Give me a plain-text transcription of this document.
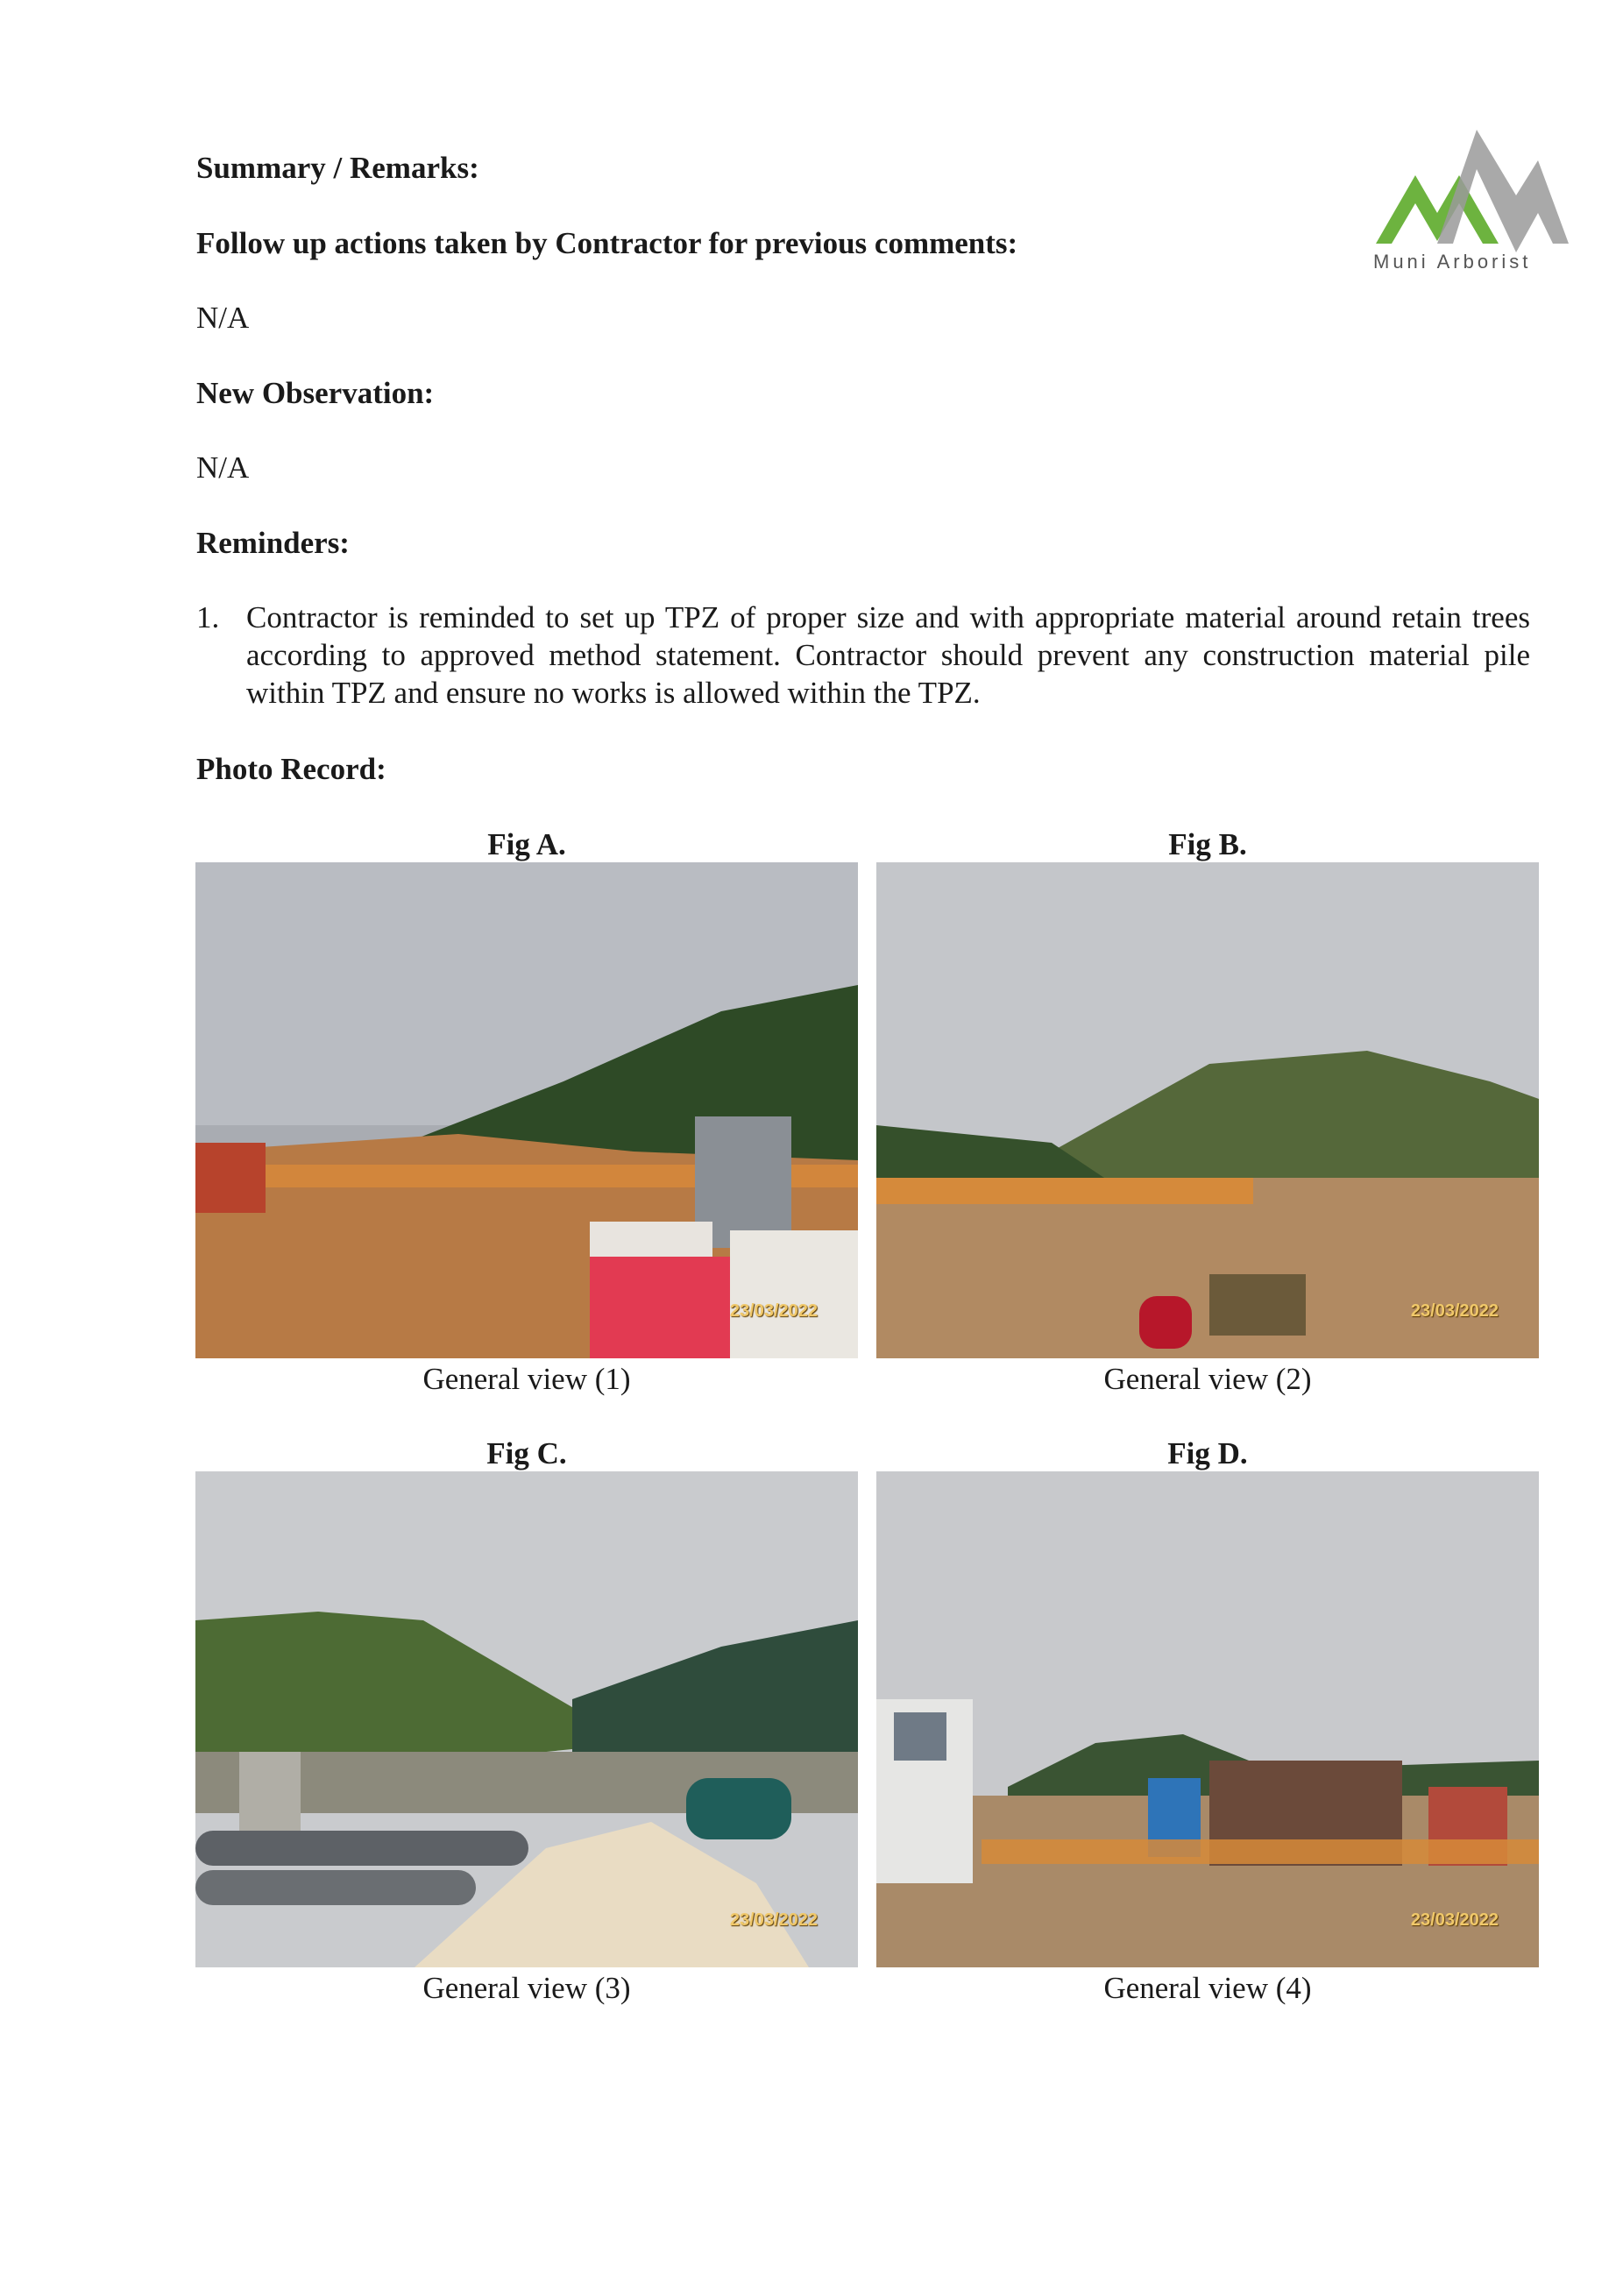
Muni Arborist
Summary / Remarks:
Follow up actions taken by Contractor for previous comments:
N/A
New Observation:
N/A
Reminders:
1. Contractor is reminded to set up TPZ of proper size and with appropriate material around retain trees according to approved method statement. Contractor should prevent any construction material pile within TPZ and ensure no works is allowed within the TPZ.
Photo Record:
Fig A.	Fig B.
Fig C.	Fig D.
23/03/2022	23/03/2022
23/03/2022	23/03/2022
General view (1)	General view (2)
General view (3)	General view (4)
